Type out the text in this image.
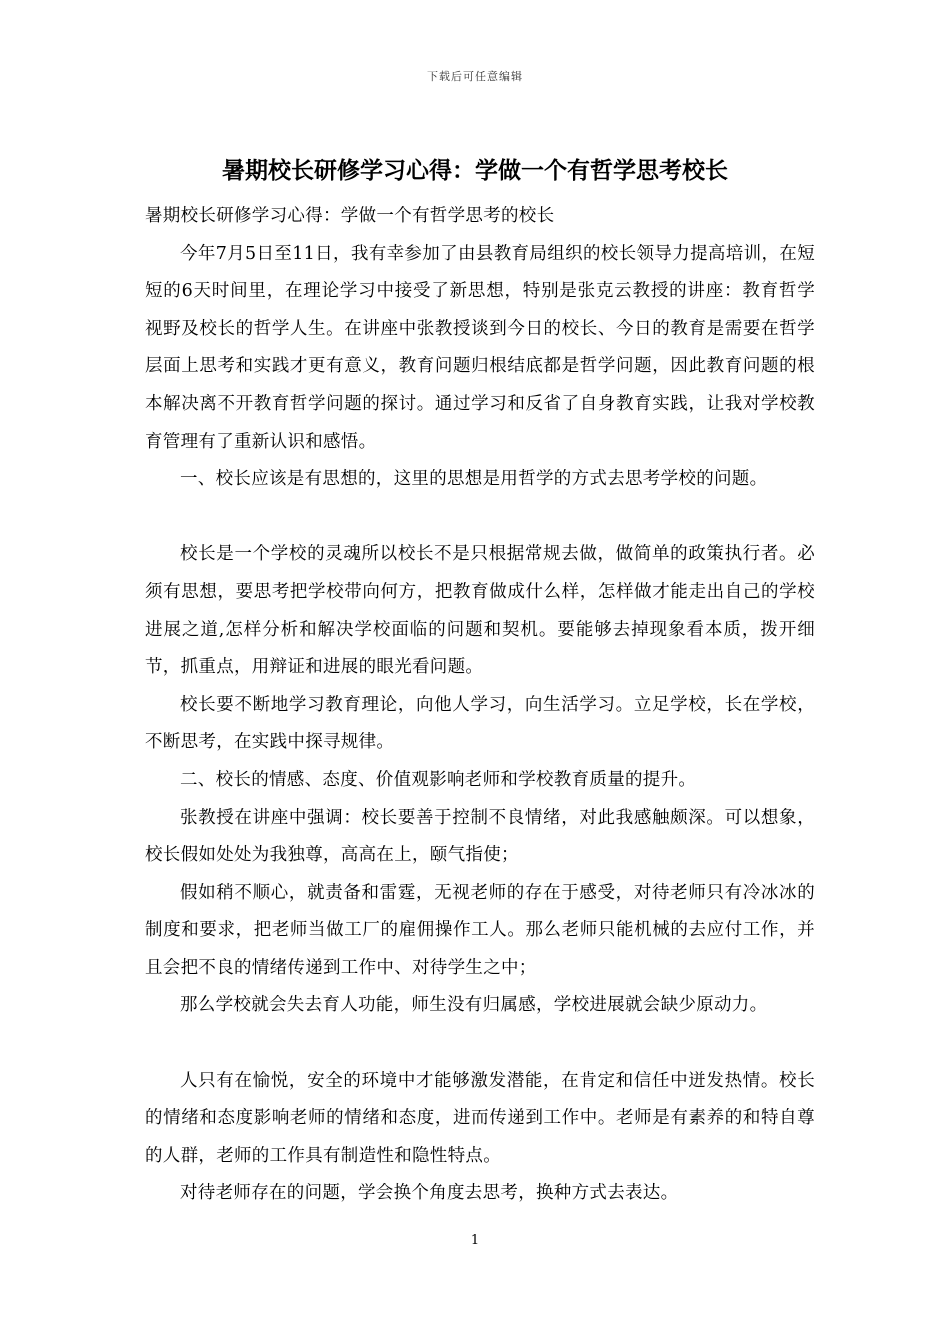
下载后可任意编辑
暑期校长研修学习心得：学做一个有哲学思考校长

暑期校长研修学习心得：学做一个有哲学思考的校长

今年7月5日至11日，我有幸参加了由县教育局组织的校长领导力提高培训，在短短的6天时间里，在理论学习中接受了新思想，特别是张克云教授的讲座：教育哲学视野及校长的哲学人生。在讲座中张教授谈到今日的校长、今日的教育是需要在哲学层面上思考和实践才更有意义，教育问题归根结底都是哲学问题，因此教育问题的根本解决离不开教育哲学问题的探讨。通过学习和反省了自身教育实践，让我对学校教育管理有了重新认识和感悟。

一、校长应该是有思想的，这里的思想是用哲学的方式去思考学校的问题。

校长是一个学校的灵魂所以校长不是只根据常规去做，做简单的政策执行者。必须有思想，要思考把学校带向何方，把教育做成什么样，怎样做才能走出自己的学校进展之道,怎样分析和解决学校面临的问题和契机。要能够去掉现象看本质，拨开细节，抓重点，用辩证和进展的眼光看问题。

校长要不断地学习教育理论，向他人学习，向生活学习。立足学校，长在学校，不断思考，在实践中探寻规律。

二、校长的情感、态度、价值观影响老师和学校教育质量的提升。

张教授在讲座中强调：校长要善于控制不良情绪，对此我感触颇深。可以想象，校长假如处处为我独尊，高高在上，颐气指使；

假如稍不顺心，就责备和雷霆，无视老师的存在于感受，对待老师只有冷冰冰的制度和要求，把老师当做工厂的雇佣操作工人。那么老师只能机械的去应付工作，并且会把不良的情绪传递到工作中、对待学生之中；

那么学校就会失去育人功能，师生没有归属感，学校进展就会缺少原动力。

人只有在愉悦，安全的环境中才能够激发潜能，在肯定和信任中迸发热情。校长的情绪和态度影响老师的情绪和态度，进而传递到工作中。老师是有素养的和特自尊的人群，老师的工作具有制造性和隐性特点。

对待老师存在的问题，学会换个角度去思考，换种方式去表达。

1
